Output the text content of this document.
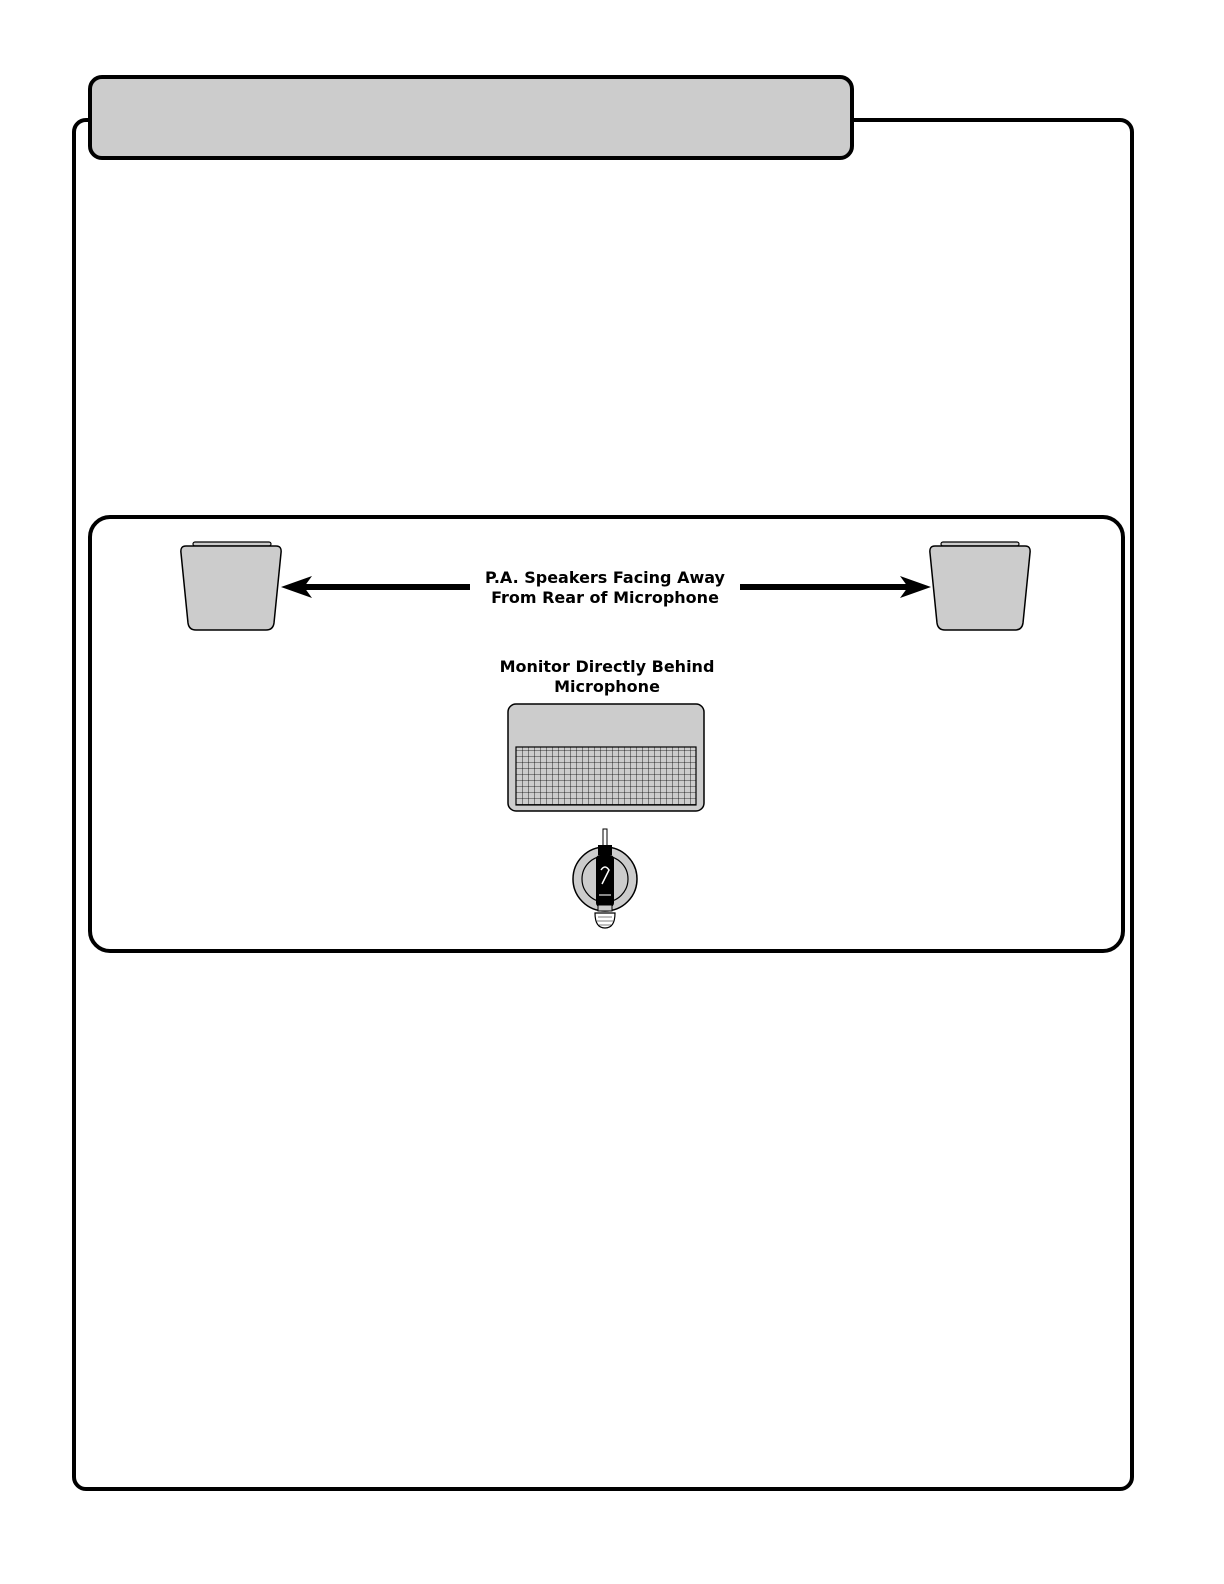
P.A. Speakers Facing Away
From Rear of Microphone
Monitor Directly Behind
Microphone
